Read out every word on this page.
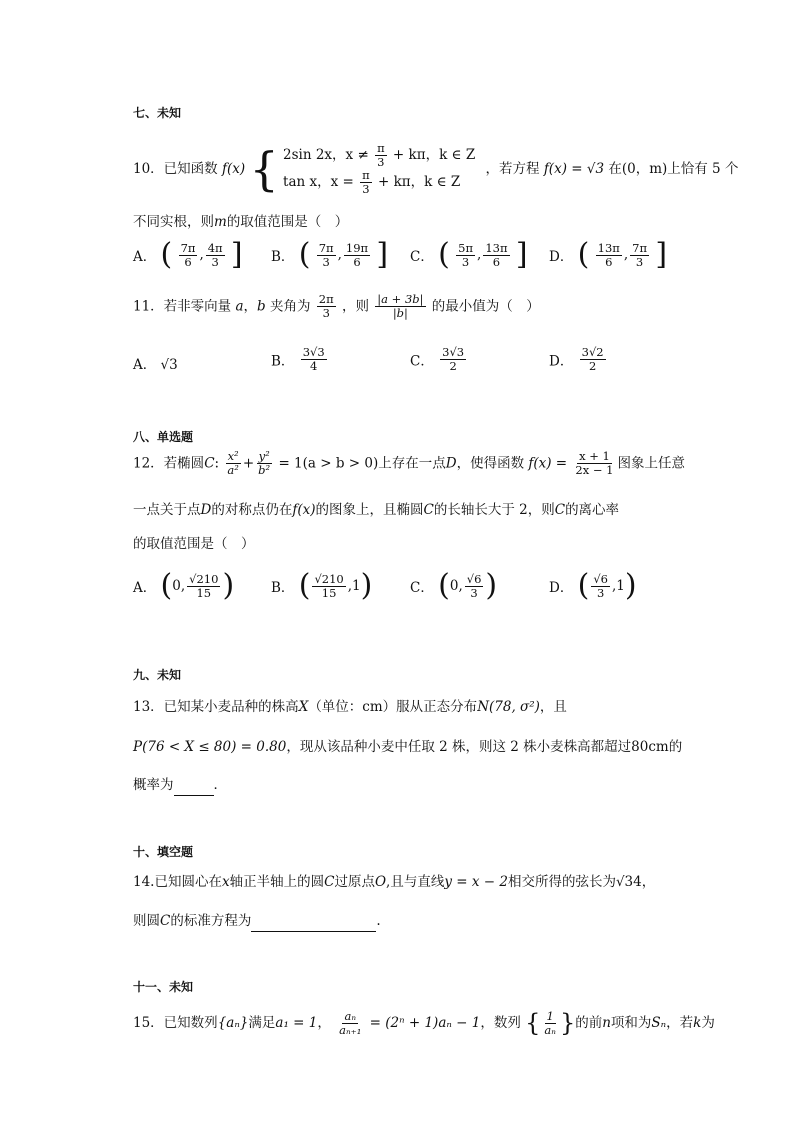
七、未知
10．已知函数 f(x) { 2sin 2x，$x \ne \frac{\pi}{3} + k\pi$，k ∈ Z
tan x，$x = \frac{\pi}{3} + k\pi$，k ∈ Z
，若方程 f(x) = √3 在(0，m)上恰有 5 个
不同实根，则m的取值范围是（　）
A． ( $\frac{7\pi}{6}$ , $\frac{4\pi}{3}$ ] B． ( $\frac{7\pi}{3}$ , $\frac{19\pi}{6}$ ] C． ( $\frac{5\pi}{3}$ , $\frac{13\pi}{6}$ ] D． ( $\frac{13\pi}{6}$ , $\frac{7\pi}{3}$ ]
11．若非零向量 a，b 夹角为 $\frac{2\pi}{3}$ ，则 $\frac{|a + 3b|}{|b|}$ 的最小值为（　）
A． √3	B． $\frac{3√3}{4}$	C． $\frac{3√3}{2}$	D． $\frac{3√2}{2}$
八、单选题
12．若椭圆C: $\frac{\text{x²}}{\text{a²}} + \frac{\text{y²}}{\text{b²}} = 1(a > b > 0)$上存在一点D，使得函数 $f(x) = \frac{x + 1}{2x - 1}$ 图象上任意
一点关于点D的对称点仍在f(x)的图象上，且椭圆C的长轴长大于 2，则C的离心率
的取值范围是（　）
A． (0, $\frac{√210}{15}$ )	B． ( $\frac{√210}{15} ,1$)	C． (0, $\frac{√6}{3}$ )	D． ( $\frac{√6}{3} ,1$)
九、未知
13．已知某小麦品种的株高X（单位：cm）服从正态分布N(78, σ²)，且
P(76 < X ≤ 80) = 0.80，现从该品种小麦中任取 2 株，则这 2 株小麦株高都超过80cm的
概率为	．
十、填空题
14.已知圆心在x轴正半轴上的圆C过原点O,且与直线y = x − 2相交所得的弦长为√34，
则圆C的标准方程为	.
十一、未知
15．已知数列{aₙ}满足a₁ = 1， $\frac{\text{aₙ}}{\text{aₙ₊₁}} = (2^n + 1)a_n - 1$，数列 { $\frac{1}{\text{aₙ}}$ }的前n项和为Sₙ，若k为
